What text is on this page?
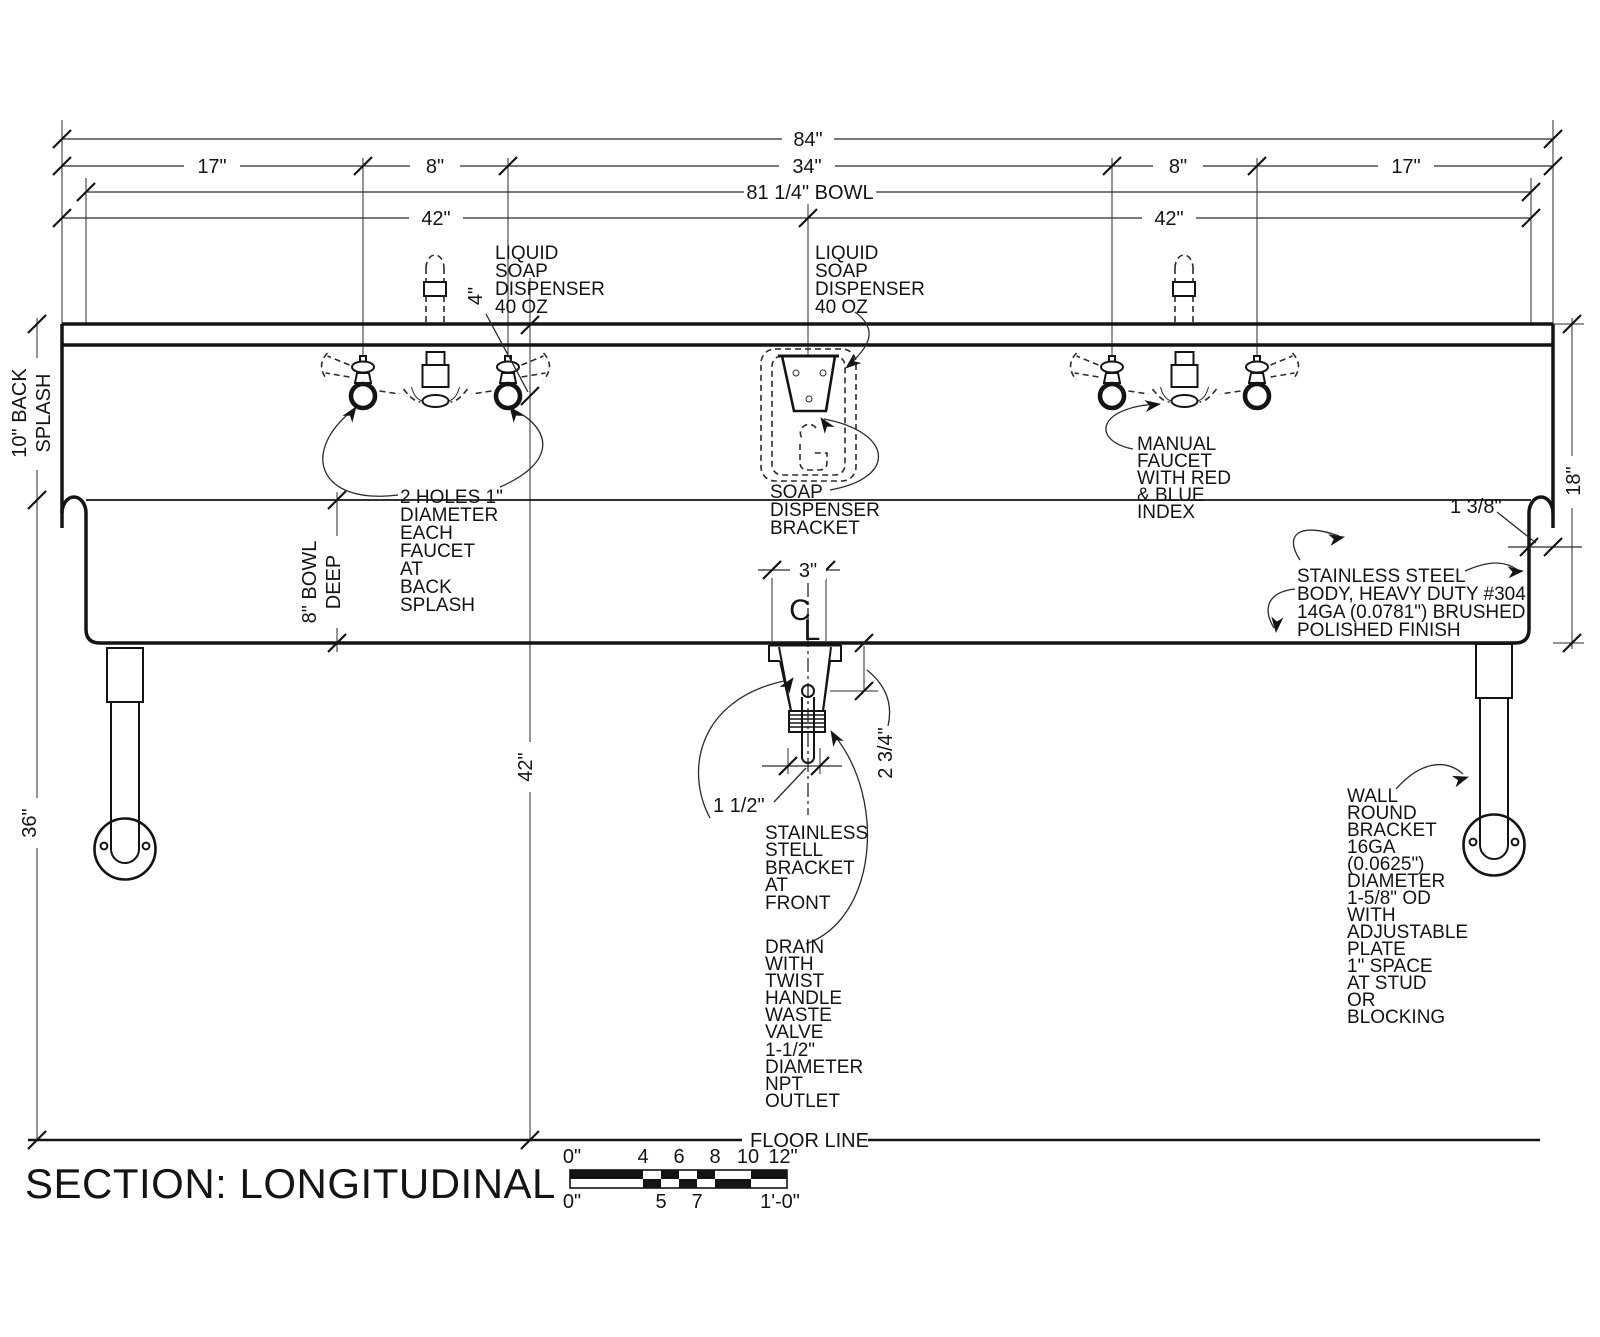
84"
17"	8"	34"	8"	17"
81 1/4" BOWL
42"	42"
3"
1 1/2"
1 3/8"
10" BACK SPLASH
8" BOWL DEEP
36"
42"
4"
2 3/4"
18"
LIQUID
SOAP
DISPENSER
40 OZ
LIQUID
SOAP
DISPENSER
40 OZ
2 HOLES 1"
DIAMETER
EACH
FAUCET
AT
BACK
SPLASH
SOAP
DISPENSER
BRACKET
MANUAL
FAUCET
WITH RED
& BLUE
INDEX
STAINLESS STEEL
BODY, HEAVY DUTY #304
14GA (0.0781") BRUSHED
POLISHED FINISH
STAINLESS
STELL
BRACKET
AT
FRONT
DRAIN
WITH
TWIST
HANDLE
WASTE
VALVE
1-1/2"
DIAMETER
NPT
OUTLET
WALL
ROUND
BRACKET
16GA
(0.0625")
DIAMETER
1-5/8" OD
WITH
ADJUSTABLE
PLATE
1" SPACE
AT STUD
OR
BLOCKING
C
L
FLOOR LINE
SECTION: LONGITUDINAL
0"	4 6 8 10 12"
0"	5 7	1'-0"
